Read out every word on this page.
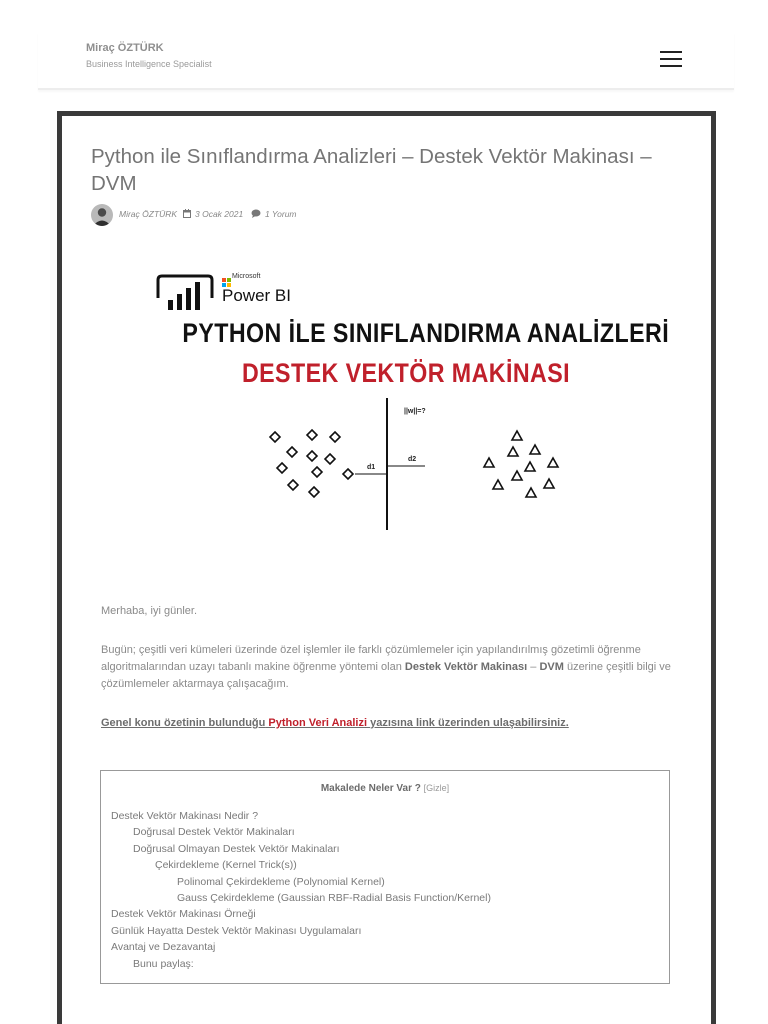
Miraç ÖZTÜRK
Business Intelligence Specialist
Python ile Sınıflandırma Analizleri – Destek Vektör Makinası – DVM
Miraç ÖZTÜRK 3 Ocak 2021	1 Yorum
Microsoft
Power BI
PYTHON İLE SINIFLANDIRMA ANALİZLERİ
DESTEK VEKTÖR MAKİNASI
||w||=?
d1
d2

Merhaba, iyi günler.

Bugün; çeşitli veri kümeleri üzerinde özel işlemler ile farklı çözümlemeler için yapılandırılmış gözetimli öğrenme algoritmalarından uzayı tabanlı makine öğrenme yöntemi olan Destek Vektör Makinası – DVM üzerine çeşitli bilgi ve çözümlemeler aktarmaya çalışacağım.

Genel konu özetinin bulunduğu Python Veri Analizi yazısına link üzerinden ulaşabilirsiniz.
Makalede Neler Var ? [Gizle]
Destek Vektör Makinası Nedir ?
Doğrusal Destek Vektör Makinaları
Doğrusal Olmayan Destek Vektör Makinaları
Çekirdekleme (Kernel Trick(s))
Polinomal Çekirdekleme (Polynomial Kernel)
Gauss Çekirdekleme (Gaussian RBF-Radial Basis Function/Kernel)
Destek Vektör Makinası Örneği
Günlük Hayatta Destek Vektör Makinası Uygulamaları
Avantaj ve Dezavantaj
Bunu paylaş:
